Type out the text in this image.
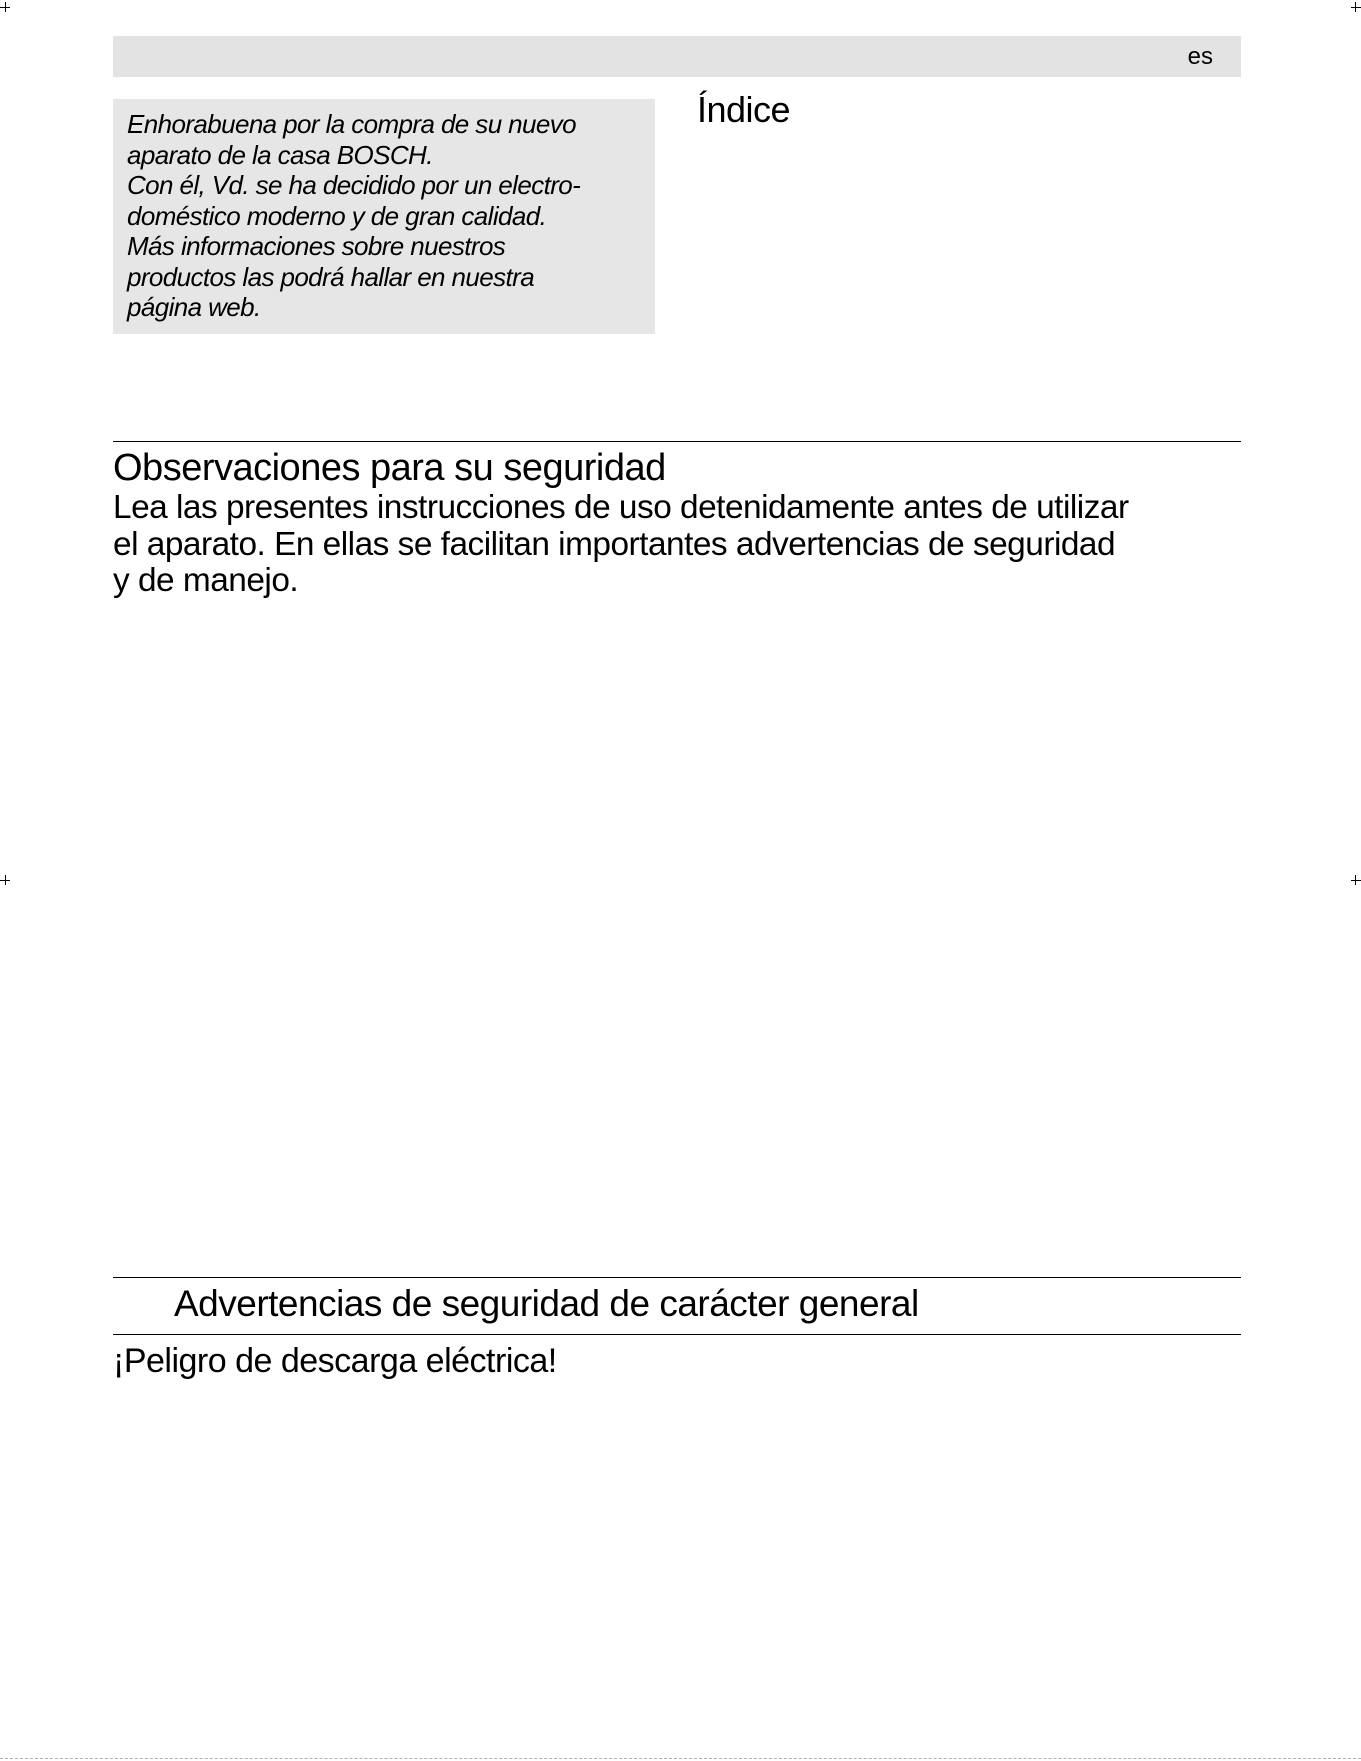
es
Enhorabuena por la compra de su nuevo
aparato de la casa BOSCH.
Con él, Vd. se ha decidido por un electro-
doméstico moderno y de gran calidad.
Más informaciones sobre nuestros
productos las podrá hallar en nuestra
página web.
Índice
Observaciones para su seguridad
Lea las presentes instrucciones de uso detenidamente antes de utilizar
el aparato. En ellas se facilitan importantes advertencias de seguridad
y de manejo.
Advertencias de seguridad de carácter general
¡Peligro de descarga eléctrica!
